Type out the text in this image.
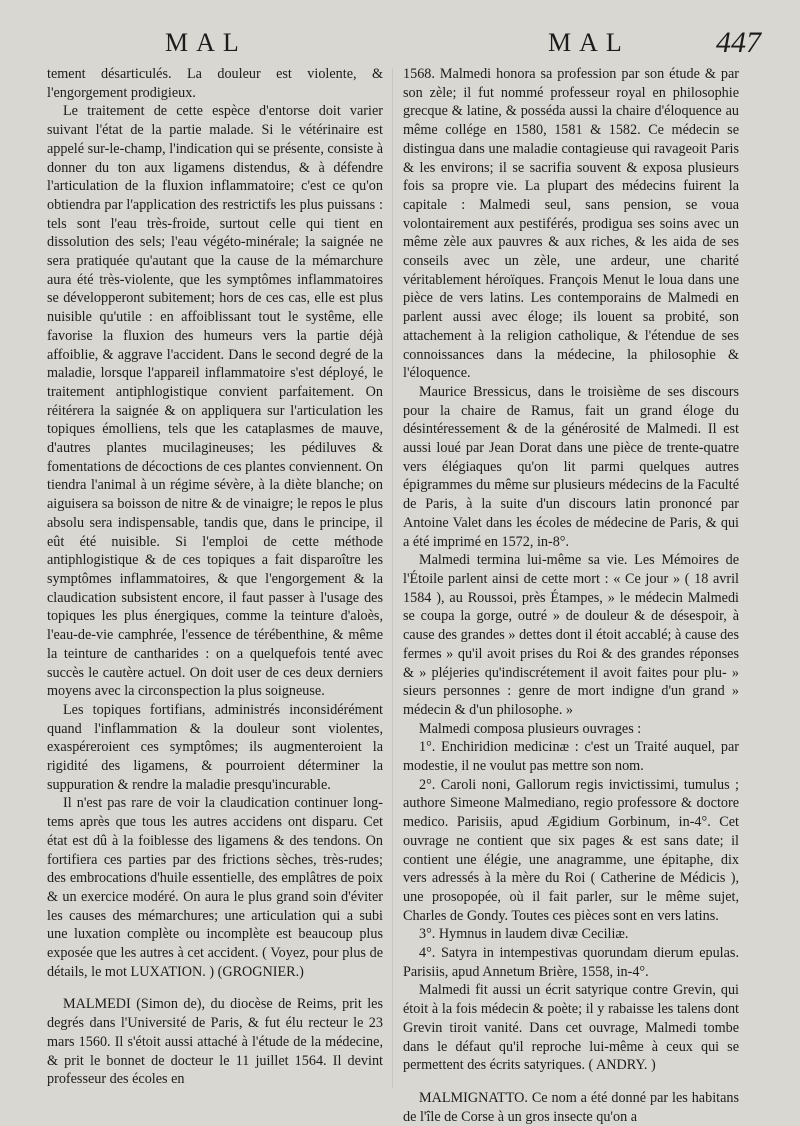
MAL	MAL	447

tement désarticulés. La douleur est violente, & l'engorgement prodigieux.

Le traitement de cette espèce d'entorse doit varier suivant l'état de la partie malade. Si le vétérinaire est appelé sur-le-champ, l'indication qui se présente, consiste à donner du ton aux ligamens distendus, & à défendre l'articulation de la fluxion inflammatoire; c'est ce qu'on obtiendra par l'application des restrictifs les plus puissans : tels sont l'eau très-froide, surtout celle qui tient en dissolution des sels; l'eau végéto-minérale; la saignée ne sera pratiquée qu'autant que la cause de la mémarchure aura été très-violente, que les symptômes inflammatoires se développeront subitement; hors de ces cas, elle est plus nuisible qu'utile : en affoiblissant tout le systême, elle favorise la fluxion des humeurs vers la partie déjà affoiblie, & aggrave l'accident. Dans le second degré de la maladie, lorsque l'appareil inflammatoire s'est déployé, le traitement antiphlogistique convient parfaitement. On réitérera la saignée & on appliquera sur l'articulation les topiques émolliens, tels que les cataplasmes de mauve, d'autres plantes mucilagineuses; les pédiluves & fomentations de décoctions de ces plantes conviennent. On tiendra l'animal à un régime sévère, à la diète blanche; on aiguisera sa boisson de nitre & de vinaigre; le repos le plus absolu sera indispensable, tandis que, dans le principe, il eût été nuisible. Si l'emploi de cette méthode antiphlogistique & de ces topiques a fait disparoître les symptômes inflammatoires, & que l'engorgement & la claudication subsistent encore, il faut passer à l'usage des topiques les plus énergiques, comme la teinture d'aloès, l'eau-de-vie camphrée, l'essence de térébenthine, & même la teinture de cantharides : on a quelquefois tenté avec succès le cautère actuel. On doit user de ces deux derniers moyens avec la circonspection la plus soigneuse.

Les topiques fortifians, administrés inconsidérément quand l'inflammation & la douleur sont violentes, exaspéreroient ces symptômes; ils augmenteroient la rigidité des ligamens, & pourroient déterminer la suppuration & rendre la maladie presqu'incurable.

Il n'est pas rare de voir la claudication continuer long-tems après que tous les autres accidens ont disparu. Cet état est dû à la foiblesse des ligamens & des tendons. On fortifiera ces parties par des frictions sèches, très-rudes; des embrocations d'huile essentielle, des emplâtres de poix & un exercice modéré. On aura le plus grand soin d'éviter les causes des mémarchures; une articulation qui a subi une luxation complète ou incomplète est beaucoup plus exposée que les autres à cet accident. ( Voyez, pour plus de détails, le mot LUXATION. ) (GROGNIER.)

MALMEDI (Simon de), du diocèse de Reims, prit les degrés dans l'Université de Paris, & fut élu recteur le 23 mars 1560. Il s'étoit aussi attaché à l'étude de la médecine, & prit le bonnet de docteur le 11 juillet 1564. Il devint professeur des écoles en

1568. Malmedi honora sa profession par son étude & par son zèle; il fut nommé professeur royal en philosophie grecque & latine, & posséda aussi la chaire d'éloquence au même collége en 1580, 1581 & 1582. Ce médecin se distingua dans une maladie contagieuse qui ravageoit Paris & les environs; il se sacrifia souvent & exposa plusieurs fois sa propre vie. La plupart des médecins fuirent la capitale : Malmedi seul, sans pension, se voua volontairement aux pestiférés, prodigua ses soins avec un même zèle aux pauvres & aux riches, & les aida de ses conseils avec un zèle, une ardeur, une charité véritablement héroïques. François Menut le loua dans une pièce de vers latins. Les contemporains de Malmedi en parlent aussi avec éloge; ils louent sa probité, son attachement à la religion catholique, & l'étendue de ses connoissances dans la médecine, la philosophie & l'éloquence.

Maurice Bressicus, dans le troisième de ses discours pour la chaire de Ramus, fait un grand éloge du désintéressement & de la générosité de Malmedi. Il est aussi loué par Jean Dorat dans une pièce de trente-quatre vers élégiaques qu'on lit parmi quelques autres épigrammes du même sur plusieurs médecins de la Faculté de Paris, à la suite d'un discours latin prononcé par Antoine Valet dans les écoles de médecine de Paris, & qui a été imprimé en 1572, in-8°.

Malmedi termina lui-même sa vie. Les Mémoires de l'Étoile parlent ainsi de cette mort : « Ce jour » ( 18 avril 1584 ), au Roussoi, près Étampes, » le médecin Malmedi se coupa la gorge, outré » de douleur & de désespoir, à cause des grandes » dettes dont il étoit accablé; à cause des fermes » qu'il avoit prises du Roi & des grandes réponses & » pléjeries qu'indiscrétement il avoit faites pour plu- » sieurs personnes : genre de mort indigne d'un grand » médecin & d'un philosophe. »

Malmedi composa plusieurs ouvrages :

1°. Enchiridion medicinæ : c'est un Traité auquel, par modestie, il ne voulut pas mettre son nom.

2°. Caroli noni, Gallorum regis invictissimi, tumulus ; authore Simeone Malmediano, regio professore & doctore medico. Parisiis, apud Ægidium Gorbinum, in-4°. Cet ouvrage ne contient que six pages & est sans date; il contient une élégie, une anagramme, une épitaphe, dix vers adressés à la mère du Roi ( Catherine de Médicis ), une prosopopée, où il fait parler, sur le même sujet, Charles de Gondy. Toutes ces pièces sont en vers latins.

3°. Hymnus in laudem divæ Ceciliæ.

4°. Satyra in intempestivas quorundam dierum epulas. Parisiis, apud Annetum Brière, 1558, in-4°.

Malmedi fit aussi un écrit satyrique contre Grevin, qui étoit à la fois médecin & poète; il y rabaisse les talens dont Grevin tiroit vanité. Dans cet ouvrage, Malmedi tombe dans le défaut qu'il reproche lui-même à ceux qui se permettent des écrits satyriques. ( ANDRY. )

MALMIGNATTO. Ce nom a été donné par les habitans de l'île de Corse à un gros insecte qu'on a
